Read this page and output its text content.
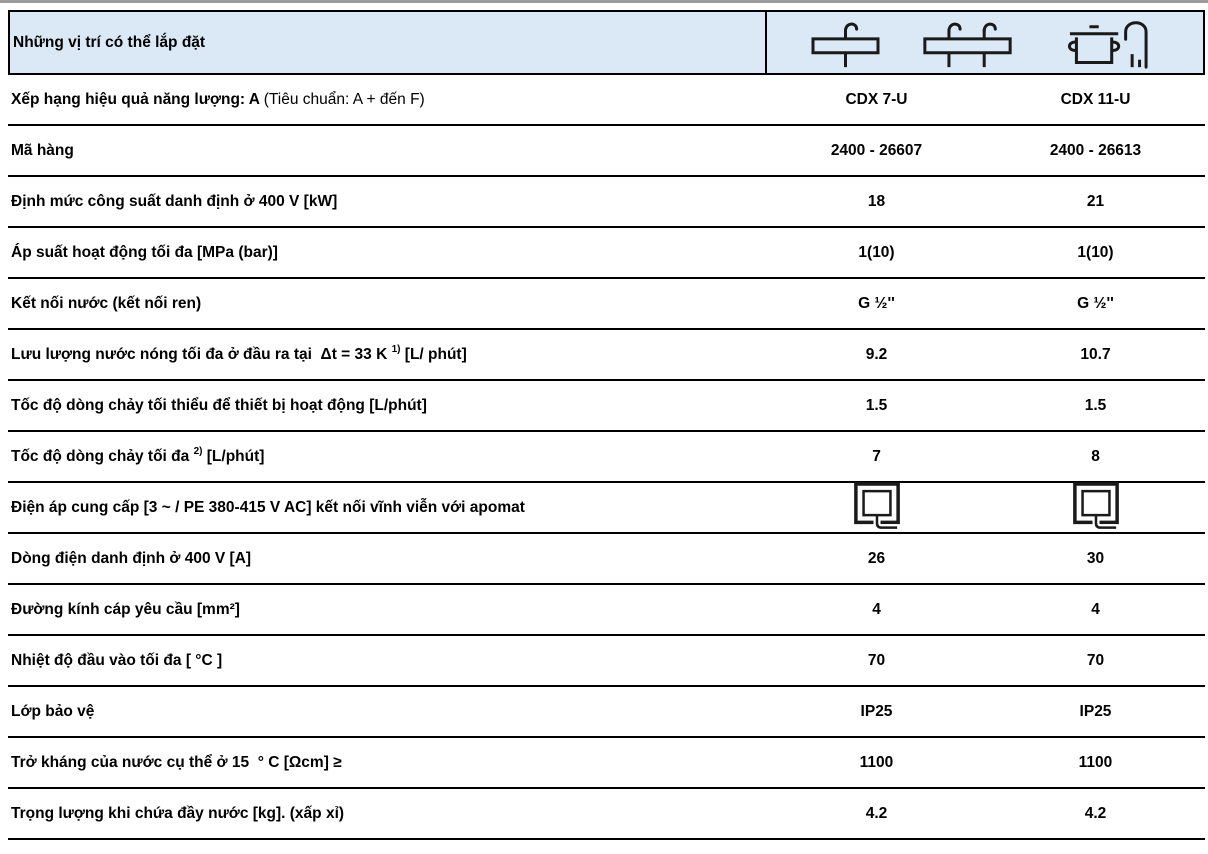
Những vị trí có thể lắp đặt
Xếp hạng hiệu quả năng lượng: A (Tiêu chuẩn: A + đến F)	CDX 7-U	CDX 11-U
Mã hàng	2400 - 26607	2400 - 26613
Định mức công suất danh định ở 400 V [kW]	18	21
Áp suất hoạt động tối đa [MPa (bar)]	1(10)	1(10)
Kết nối nước (kết nối ren)	G ½''	G ½''
Lưu lượng nước nóng tối đa ở đầu ra tại  Δt = 33 K $^{1)}$ [L/ phút]	9.2	10.7
Tốc độ dòng chảy tối thiểu để thiết bị hoạt động [L/phút]	1.5	1.5
Tốc độ dòng chảy tối đa $^{2)}$ [L/phút]	7	8
Điện áp cung cấp [3 ~ / PE 380-415 V AC] kết nối vĩnh viễn với apomat
Dòng điện danh định ở 400 V [A]	26	30
Đường kính cáp yêu cầu [mm²]	4	4
Nhiệt độ đầu vào tối đa [ °C ]	70	70
Lớp bảo vệ	IP25	IP25
Trở kháng của nước cụ thể ở 15  ° C [Ωcm] ≥	1100	1100
Trọng lượng khi chứa đầy nước [kg]. (xấp xỉ)	4.2	4.2
